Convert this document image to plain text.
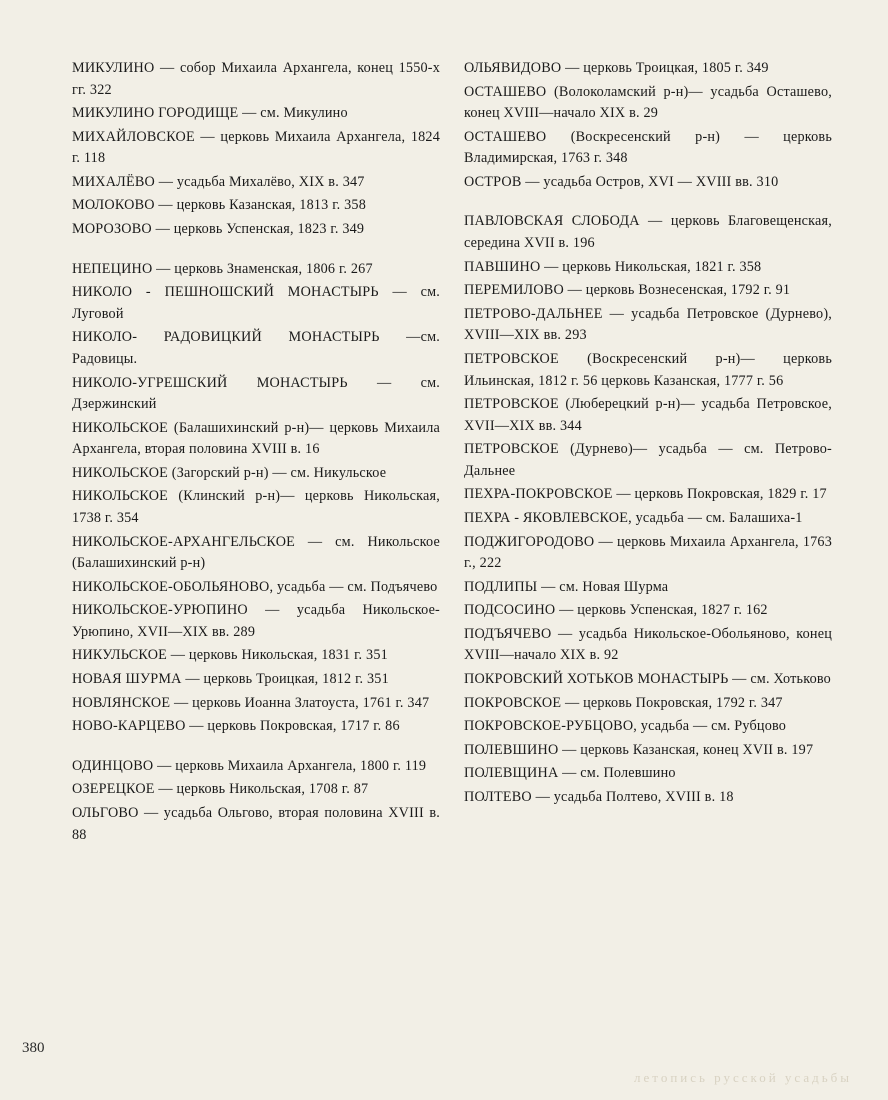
МИКУЛИНО — собор Михаила Архангела, конец 1550-х гг. 322

МИКУЛИНО ГОРОДИЩЕ — см. Микулино

МИХАЙЛОВСКОЕ — церковь Михаила Архангела, 1824 г. 118

МИХАЛЁВО — усадьба Михалёво, XIX в. 347

МОЛОКОВО — церковь Казанская, 1813 г. 358

МОРОЗОВО — церковь Успенская, 1823 г. 349

НЕПЕЦИНО — церковь Знаменская, 1806 г. 267

НИКОЛО - ПЕШНОШСКИЙ МОНАСТЫРЬ — см. Луговой

НИКОЛО- РАДОВИЦКИЙ МОНАСТЫРЬ —см. Радовицы.

НИКОЛО-УГРЕШСКИЙ МОНАСТЫРЬ — см. Дзержинский

НИКОЛЬСКОЕ (Балашихинский р-н)— церковь Михаила Архангела, вторая половина XVIII в. 16

НИКОЛЬСКОЕ (Загорский р-н) — см. Никульское

НИКОЛЬСКОЕ (Клинский р-н)— церковь Никольская, 1738 г. 354

НИКОЛЬСКОЕ-АРХАНГЕЛЬСКОЕ — см. Никольское (Балашихинский р-н)

НИКОЛЬСКОЕ-ОБОЛЬЯНОВО, усадьба — см. Подъячево

НИКОЛЬСКОЕ-УРЮПИНО — усадьба Никольское-Урюпино, XVII—XIX вв. 289

НИКУЛЬСКОЕ — церковь Никольская, 1831 г. 351

НОВАЯ ШУРМА — церковь Троицкая, 1812 г. 351

НОВЛЯНСКОЕ — церковь Иоанна Златоуста, 1761 г. 347

НОВО-КАРЦЕВО — церковь Покровская, 1717 г. 86

ОДИНЦОВО — церковь Михаила Архангела, 1800 г. 119

ОЗЕРЕЦКОЕ — церковь Никольская, 1708 г. 87

ОЛЬГОВО — усадьба Ольгово, вторая половина XVIII в. 88

ОЛЬЯВИДОВО — церковь Троицкая, 1805 г. 349

ОСТАШЕВО (Волоколамский р-н)— усадьба Осташево, конец XVIII—начало XIX в. 29

ОСТАШЕВО (Воскресенский р-н) — церковь Владимирская, 1763 г. 348

ОСТРОВ — усадьба Остров, XVI — XVIII вв. 310

ПАВЛОВСКАЯ СЛОБОДА — церковь Благовещенская, середина XVII в. 196

ПАВШИНО — церковь Никольская, 1821 г. 358

ПЕРЕМИЛОВО — церковь Вознесенская, 1792 г. 91

ПЕТРОВО-ДАЛЬНЕЕ — усадьба Петровское (Дурнево), XVIII—XIX вв. 293

ПЕТРОВСКОЕ (Воскресенский р-н)— церковь Ильинская, 1812 г. 56 церковь Казанская, 1777 г. 56

ПЕТРОВСКОЕ (Люберецкий р-н)— усадьба Петровское, XVII—XIX вв. 344

ПЕТРОВСКОЕ (Дурнево)— усадьба — см. Петрово-Дальнее

ПЕХРА-ПОКРОВСКОЕ — церковь Покровская, 1829 г. 17

ПЕХРА - ЯКОВЛЕВСКОЕ, усадьба — см. Балашиха-1

ПОДЖИГОРОДОВО — церковь Михаила Архангела, 1763 г., 222

ПОДЛИПЫ — см. Новая Шурма

ПОДСОСИНО — церковь Успенская, 1827 г. 162

ПОДЪЯЧЕВО — усадьба Никольское-Обольяново, конец XVIII—начало XIX в. 92

ПОКРОВСКИЙ ХОТЬКОВ МОНАСТЫРЬ — см. Хотьково

ПОКРОВСКОЕ — церковь Покровская, 1792 г. 347

ПОКРОВСКОЕ-РУБЦОВО, усадьба — см. Рубцово

ПОЛЕВШИНО — церковь Казанская, конец XVII в. 197

ПОЛЕВЩИНА — см. Полевшино

ПОЛТЕВО — усадьба Полтево, XVIII в. 18

380
летопись русской усадьбы
